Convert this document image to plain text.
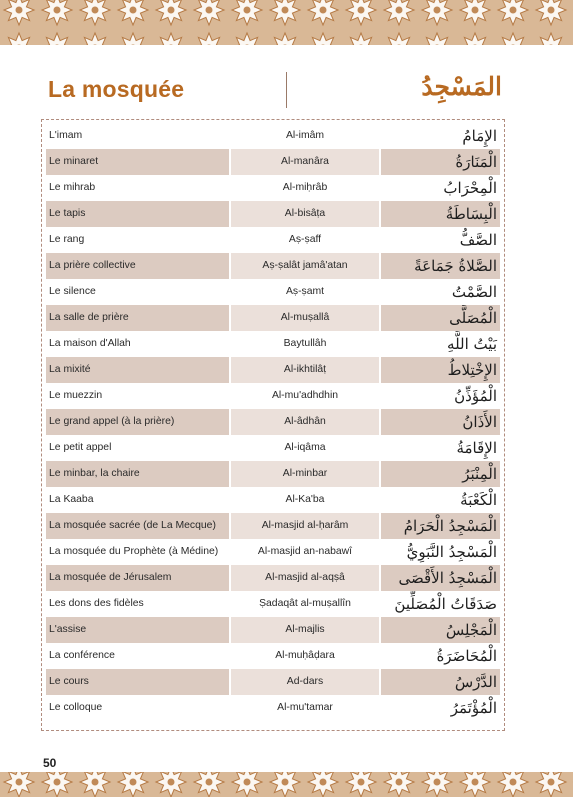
La mosquée	المَسْجِدُ
L'imam	Al-imâm	الإِمَامُ
Le minaret	Al-manâra	الْمَنَارَةُ
Le mihrab	Al-miḥrâb	الْمِحْرَابُ
Le tapis	Al-bisâṭa	الْبِسَاطَةُ
Le rang	Aṣ-ṣaff	الصَّفُّ
La prière collective	Aṣ-ṣalât jamâ'atan	الصَّلاةُ جَمَاعَةً
Le silence	Aṣ-ṣamt	الصَّمْتُ
La salle de prière	Al-muṣallâ	الْمُصَلَّى
La maison d'Allah	Baytullâh	بَيْتُ اللَّهِ
La mixité	Al-ikhtilâṭ	الإِخْتِلاطُ
Le muezzin	Al-mu'adhdhin	الْمُؤَذِّنُ
Le grand appel (à la prière)	Al-âdhân	الأَذَانُ
Le petit appel	Al-iqâma	الإِقَامَةُ
Le minbar, la chaire	Al-minbar	الْمِنْبَرُ
La Kaaba	Al-Ka'ba	الْكَعْبَةُ
La mosquée sacrée (de La Mecque)	Al-masjid al-ḥarâm	الْمَسْجِدُ الْحَرَامُ
La mosquée du Prophète (à Médine)	Al-masjid an-nabawî	الْمَسْجِدُ النَّبَوِيُّ
La mosquée de Jérusalem	Al-masjid al-aqṣâ	الْمَسْجِدُ الأَقْصَى
Les dons des fidèles	Ṣadaqât al-muṣallîn	صَدَقَاتُ الْمُصَلِّينَ
L'assise	Al-majlis	الْمَجْلِسُ
La conférence	Al-muḥâḍara	الْمُحَاضَرَةُ
Le cours	Ad-dars	الدَّرْسُ
Le colloque	Al-mu'tamar	الْمُؤْتَمَرُ
50
